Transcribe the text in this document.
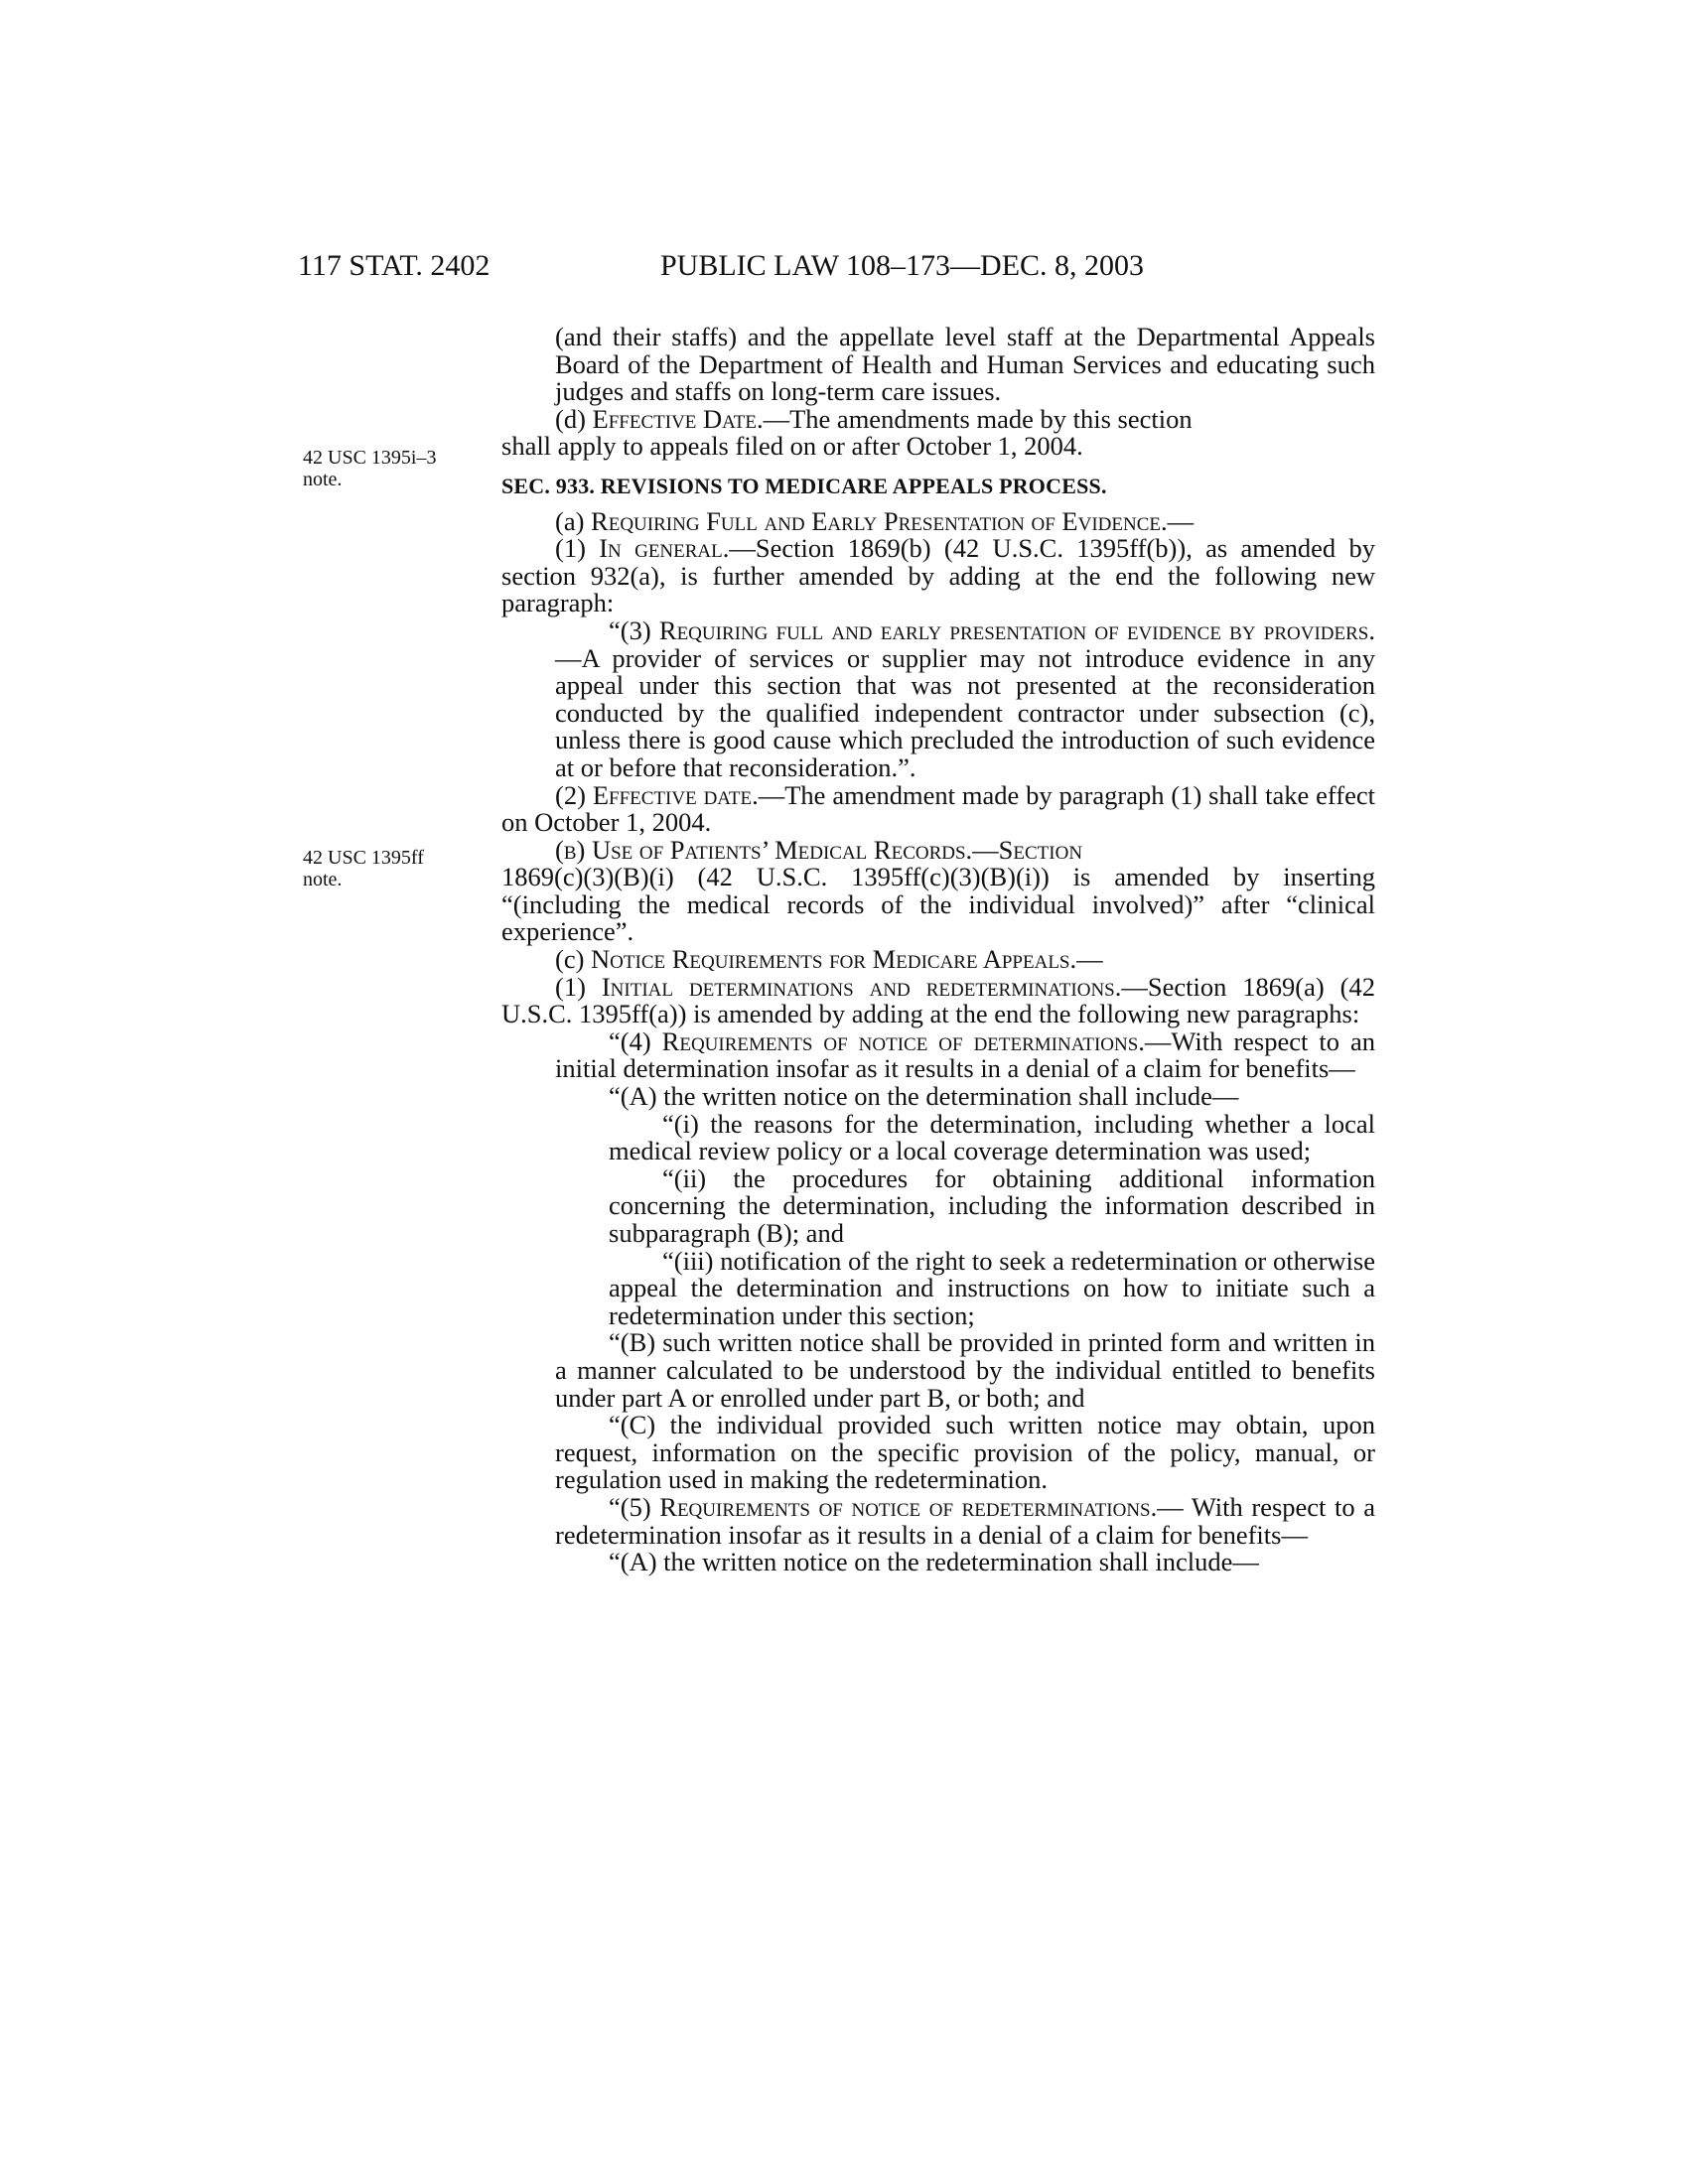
117 STAT. 2402	PUBLIC LAW 108–173—DEC. 8, 2003
42 USC 1395i–3
note.
42 USC 1395ff
note.

(and their staffs) and the appellate level staff at the Departmental Appeals Board of the Department of Health and Human Services and educating such judges and staffs on long-term care issues.

(d) Effective Date.—The amendments made by this section

shall apply to appeals filed on or after October 1, 2004.

SEC. 933. REVISIONS TO MEDICARE APPEALS PROCESS.

(a) Requiring Full and Early Presentation of Evidence.—

(1) In general.—Section 1869(b) (42 U.S.C. 1395ff(b)), as amended by section 932(a), is further amended by adding at the end the following new paragraph:

“(3) Requiring full and early presentation of evidence by providers.—A provider of services or supplier may not introduce evidence in any appeal under this section that was not presented at the reconsideration conducted by the qualified independent contractor under subsection (c), unless there is good cause which precluded the introduction of such evidence at or before that reconsideration.”.

(2) Effective date.—The amendment made by paragraph (1) shall take effect on October 1, 2004.

(b) Use of Patients’ Medical Records.—Section

1869(c)(3)(B)(i) (42 U.S.C. 1395ff(c)(3)(B)(i)) is amended by inserting “(including the medical records of the individual involved)” after “clinical experience”.

(c) Notice Requirements for Medicare Appeals.—

(1) Initial determinations and redeterminations.—Section 1869(a) (42 U.S.C. 1395ff(a)) is amended by adding at the end the following new paragraphs:

“(4) Requirements of notice of determinations.—With respect to an initial determination insofar as it results in a denial of a claim for benefits—

“(A) the written notice on the determination shall include—

“(i) the reasons for the determination, including whether a local medical review policy or a local coverage determination was used;

“(ii) the procedures for obtaining additional information concerning the determination, including the information described in subparagraph (B); and

“(iii) notification of the right to seek a redetermination or otherwise appeal the determination and instructions on how to initiate such a redetermination under this section;

“(B) such written notice shall be provided in printed form and written in a manner calculated to be understood by the individual entitled to benefits under part A or enrolled under part B, or both; and

“(C) the individual provided such written notice may obtain, upon request, information on the specific provision of the policy, manual, or regulation used in making the redetermination.

“(5) Requirements of notice of redeterminations.— With respect to a redetermination insofar as it results in a denial of a claim for benefits—

“(A) the written notice on the redetermination shall include—
